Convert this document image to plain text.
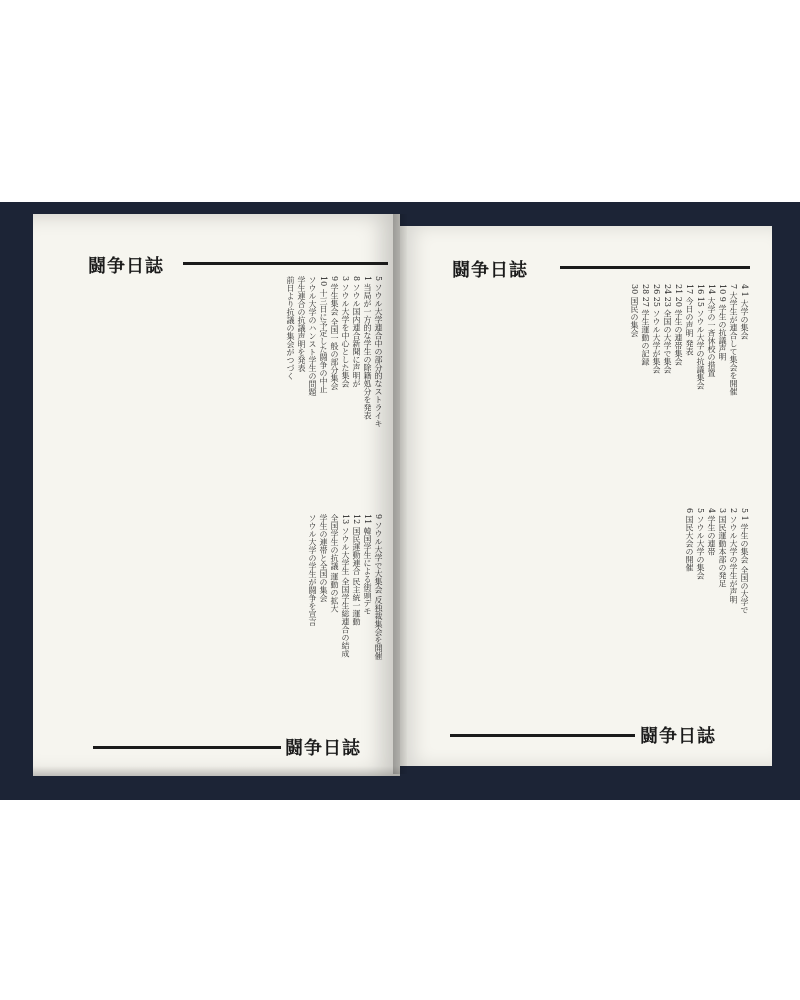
闘争日誌
5 ソウル大学連合中の部分的なストライキ
1 当局が一方的な学生の除籍処分を発表
8 ソウル国内連合新聞に声明が
3 ソウル大学を中心とした集会
9 学生集会 全国一般の部分集会
10 十三日に予定した闘争の中止
ソウル大学のハンスト学生の問題
学生連合の抗議声明を発表
前日より抗議の集会がつづく
9 ソウル大学で大集会 反独裁集会を開催
11 韓国学生による街頭デモ
12 国民運動連合 民主統一運動
13 ソウル大学生 全国学生総連合の結成
全国学生の抗議 運動の拡大
学生の連帯と全国の集会
ソウル大学の学生が闘争を宣言
闘争日誌
闘争日誌
4 1 大学の集会
7 大学生が連合して集会を開催
10 9 学生の抗議声明
14 大学の一斉休校の措置
16 15 ソウル大学の抗議集会
17 今日の声明 発表
21 20 学生の連帯集会
24 23 全国の大学で集会
26 25 ソウル大学が集会
28 27 学生運動の記録
30 国民の集会
5 1 学生の集会 全国の大学で
2 ソウル大学の学生が声明
3 国民運動本部の発足
4 学生の連帯
5 ソウル大学の集会
6 国民大会の開催
闘争日誌
